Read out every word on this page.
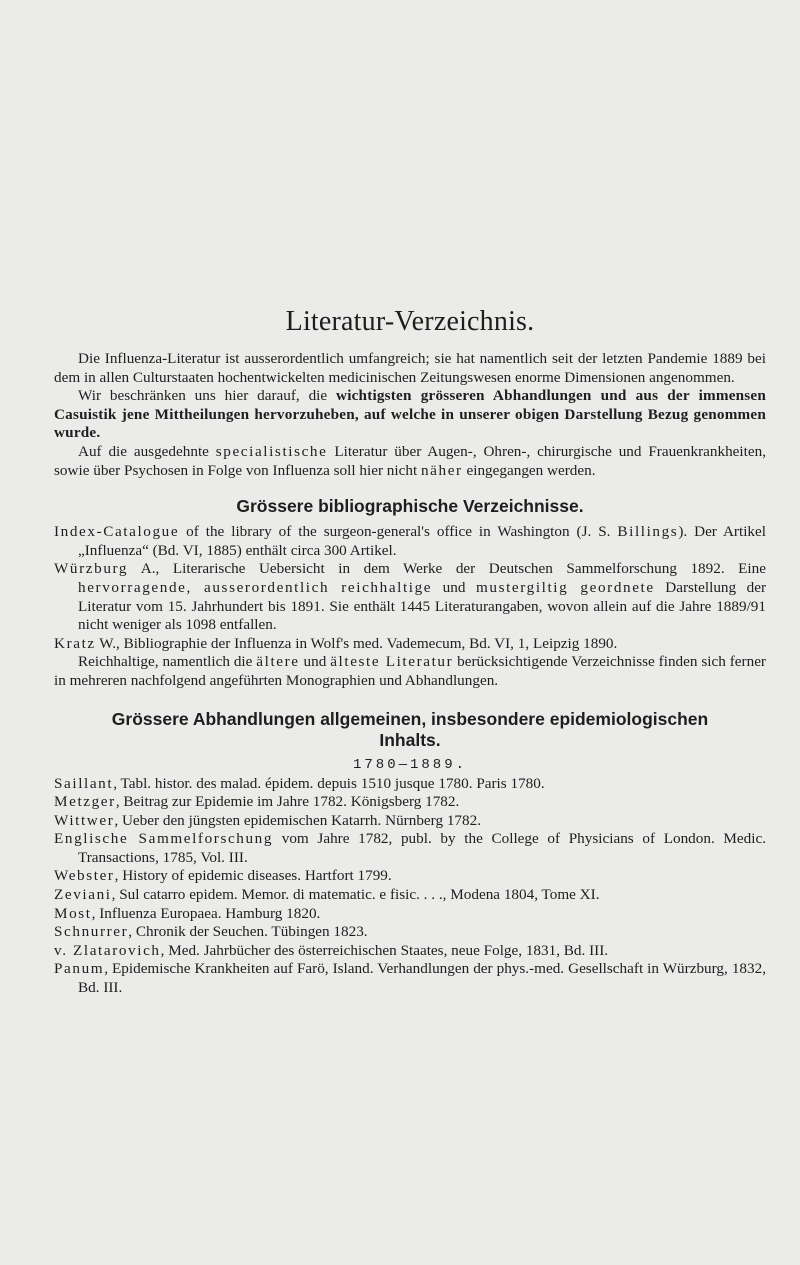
Literatur-Verzeichnis.

Die Influenza-Literatur ist ausserordentlich umfangreich; sie hat namentlich seit der letzten Pandemie 1889 bei dem in allen Culturstaaten hochentwickelten medicinischen Zeitungswesen enorme Dimensionen angenommen.

Wir beschränken uns hier darauf, die wichtigsten grösseren Abhandlungen und aus der immensen Casuistik jene Mittheilungen hervorzuheben, auf welche in unserer obigen Darstellung Bezug genommen wurde.

Auf die ausgedehnte specialistische Literatur über Augen-, Ohren-, chirurgische und Frauenkrankheiten, sowie über Psychosen in Folge von Influenza soll hier nicht näher eingegangen werden.

Grössere bibliographische Verzeichnisse.

Index-Catalogue of the library of the surgeon-general's office in Washington (J. S. Billings). Der Artikel „Influenza“ (Bd. VI, 1885) enthält circa 300 Artikel.

Würzburg A., Literarische Uebersicht in dem Werke der Deutschen Sammelforschung 1892. Eine hervorragende, ausserordentlich reichhaltige und mustergiltig geordnete Darstellung der Literatur vom 15. Jahrhundert bis 1891. Sie enthält 1445 Literaturangaben, wovon allein auf die Jahre 1889/91 nicht weniger als 1098 entfallen.

Kratz W., Bibliographie der Influenza in Wolf's med. Vademecum, Bd. VI, 1, Leipzig 1890.

Reichhaltige, namentlich die ältere und älteste Literatur berücksichtigende Verzeichnisse finden sich ferner in mehreren nachfolgend angeführten Monographien und Abhandlungen.

Grössere Abhandlungen allgemeinen, insbesondere epidemiologischen
Inhalts.
1780—1889.

Saillant, Tabl. histor. des malad. épidem. depuis 1510 jusque 1780. Paris 1780.

Metzger, Beitrag zur Epidemie im Jahre 1782. Königsberg 1782.

Wittwer, Ueber den jüngsten epidemischen Katarrh. Nürnberg 1782.

Englische Sammelforschung vom Jahre 1782, publ. by the College of Physicians of London. Medic. Transactions, 1785, Vol. III.

Webster, History of epidemic diseases. Hartfort 1799.

Zeviani, Sul catarro epidem. Memor. di matematic. e fisic. . . ., Modena 1804, Tome XI.

Most, Influenza Europaea. Hamburg 1820.

Schnurrer, Chronik der Seuchen. Tübingen 1823.

v. Zlatarovich, Med. Jahrbücher des österreichischen Staates, neue Folge, 1831, Bd. III.

Panum, Epidemische Krankheiten auf Farö, Island. Verhandlungen der phys.-med. Gesellschaft in Würzburg, 1832, Bd. III.
